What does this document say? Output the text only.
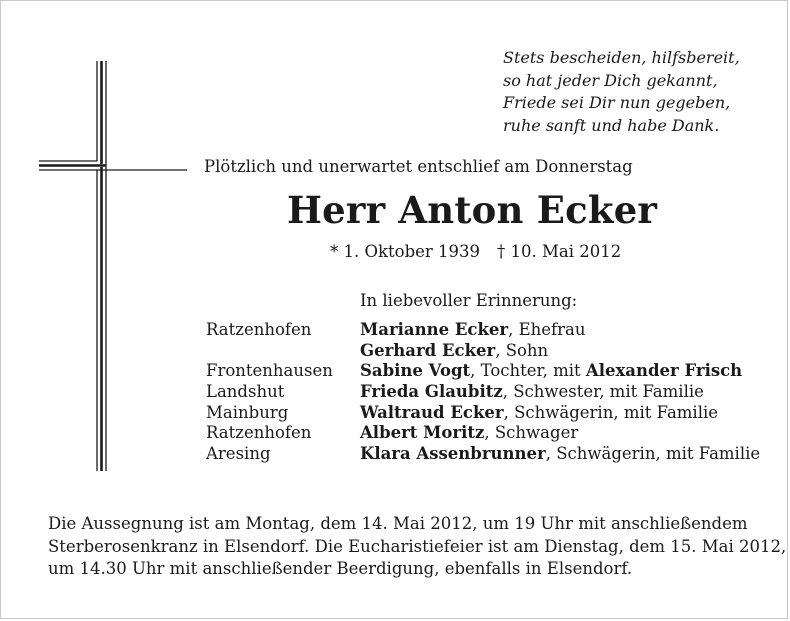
Stets bescheiden, hilfsbereit,
so hat jeder Dich gekannt,
Friede sei Dir nun gegeben,
ruhe sanft und habe Dank.
Plötzlich und unerwartet entschlief am Donnerstag
Herr Anton Ecker
* 1. Oktober 1939 † 10. Mai 2012
In liebevoller Erinnerung:
Ratzenhofen
Frontenhausen
Landshut
Mainburg
Ratzenhofen
Aresing
Marianne Ecker, Ehefrau
Gerhard Ecker, Sohn
Sabine Vogt, Tochter, mit Alexander Frisch
Frieda Glaubitz, Schwester, mit Familie
Waltraud Ecker, Schwägerin, mit Familie
Albert Moritz, Schwager
Klara Assenbrunner, Schwägerin, mit Familie
Die Aussegnung ist am Montag, dem 14. Mai 2012, um 19 Uhr mit anschließendem
Sterberosenkranz in Elsendorf. Die Eucharistiefeier ist am Dienstag, dem 15. Mai 2012,
um 14.30 Uhr mit anschließender Beerdigung, ebenfalls in Elsendorf.
